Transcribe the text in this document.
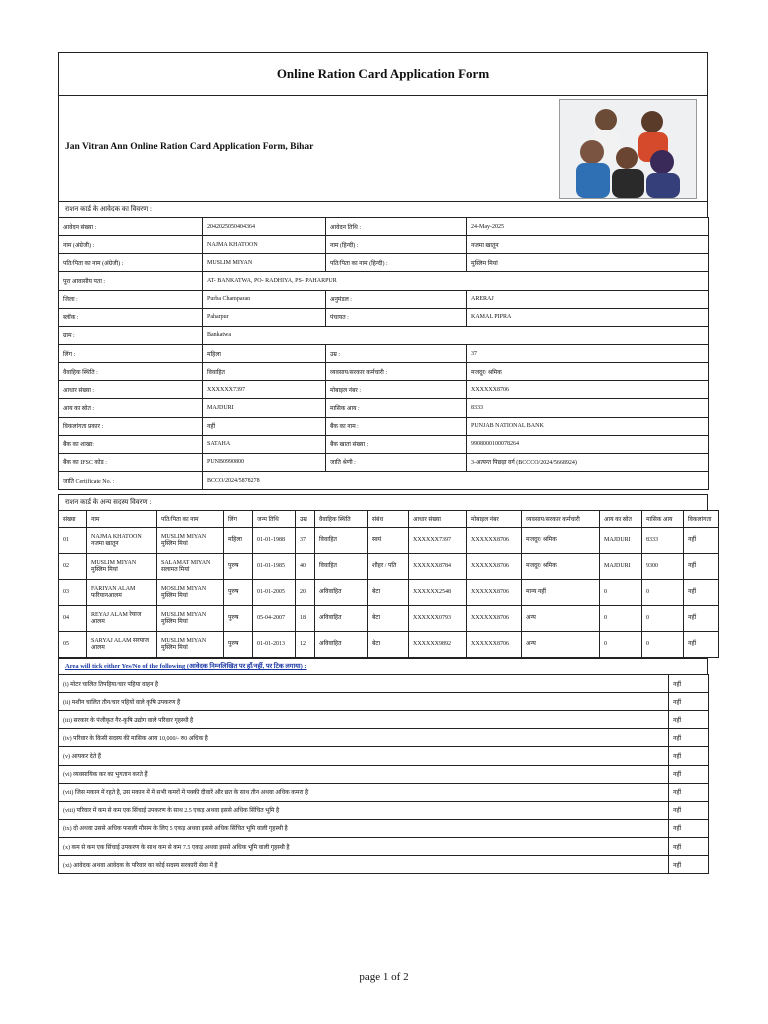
Online Ration Card Application Form
Jan Vitran Ann Online Ration Card Application Form, Bihar
राशन कार्ड के आवेदक का विवरण :
आवेदन संख्या :	2042025050404364	आवेदन तिथि :	24-May-2025
नाम (अंग्रेजी) :	NAJMA KHATOON	नाम (हिन्दी) :	नजमा खातून
पति/पिता का नाम (अंग्रेजी) :	MUSLIM MIYAN	पति/पिता का नाम (हिन्दी) :	मुस्लिम मियां
पूरा आवासीय पता :	AT- BANKATWA, PO- RADHIYA, PS- PAHARPUR		
जिला :	Purba Champaran	अनुमंडल :	ARERAJ
ब्लॉक :	Paharpur	पंचायत :	KAMAL PIPRA
ग्राम :	Bankatwa		
लिंग :	महिला	उम्र :	37
वैवाहिक स्थिति :	विवाहित	व्यवसाय/सरकार कर्मचारी :	मजदूर/ श्रमिक
आधार संख्या :	XXXXXX7397	मोबाइल नंबर :	XXXXXX8706
आय का स्रोत :	MAJDURI	मासिक आय :	8333
विकलांगता प्रकार :	नहीं	बैंक का नाम :	PUNJAB NATIONAL BANK
बैंक का शाखा:	SATAHA	बैंक खाता संख्या :	9908000100078264
बैंक का IFSC कोड :	PUNB0990800	जाति श्रेणी :	3-अत्यन्त पिछड़ा वर्ग (BCCCO/2024/5668924)
जाति Certificate No. :	BCCO/2024/5878278		
राशन कार्ड के अन्य सदस्य विवरण :
संख्या	नाम	पति/पिता का नाम	लिंग	जन्म तिथि	उम्र	वैवाहिक स्थिति	संबंध	आधार संख्या	मोबाइल नंबर	व्यवसाय/सरकार कर्मचारी	आय का स्रोत	मासिक आय	विकलांगता
01	NAJMA KHATOON नजमा खातून	MUSLIM MIYAN मुस्लिम मियां	महिला	01-01-1988	37	विवाहित	स्वयं	XXXXXX7397	XXXXXX8706	मजदूर/ श्रमिक	MAJDURI	8333	नहीं
02	MUSLIM MIYAN मुस्लिम मियां	SALAMAT MIYAN सलामत मियां	पुरुष	01-01-1985	40	विवाहित	शौहर / पति	XXXXXX8784	XXXXXX8706	मजदूर/ श्रमिक	MAJDURI	9300	नहीं
03	FARIYAN ALAM फरियानआलम	MOSLIM MIYAN मुस्लिम मियां	पुरुष	01-01-2005	20	अविवाहित	बेटा	XXXXXX2548	XXXXXX8706	मान्य नहीं	0	0	नहीं
04	REYAJ ALAM रेयाज आलम	MUSLIM MIYAN मुस्लिम मियां	पुरुष	05-04-2007	18	अविवाहित	बेटा	XXXXXX0793	XXXXXX8706	अन्य	0	0	नहीं
05	SARYAJ ALAM सरयाज आलम	MUSLIM MIYAN मुस्लिम मियां	पुरुष	01-01-2013	12	अविवाहित	बेटा	XXXXXX9892	XXXXXX8706	अन्य	0	0	नहीं
Area will tick either Yes/No of the following (आवेदक निम्नलिखित पर हाँ/नहीं, पर टिक लगाया) :
(i) मोटर चालित तिपहिया/चार पहिया वाहन है	नहीं
(ii) मशीन चालित तीन/चार पहियों वाले कृषि उपकरण हैं	नहीं
(iii) सरकार के पंजीकृत गैर-कृषि उद्योग वाले परिवार गृहस्थी है	नहीं
(iv) परिवार के किसी सदस्य की मासिक आय 10,000/- रु0 अधिक है	नहीं
(v) आयकर देते हैं	नहीं
(vi) व्यवसायिक कर का भुगतान करते हैं	नहीं
(vii) जिस मकान में रहते है, उस मकान में में सभी कमरों में पक्की दीवारें और छत के साथ तीन अथवा अधिक कमरा है	नहीं
(viii) परिवार में कम से कम एक सिंचाई उपकरण के साथ 2.5 एकड़ अथवा इससे अधिक सिंचित भूमि है	नहीं
(ix) दो अथवा उससे अधिक फसली मौसम के लिए 5 एकड़ अथवा इससे अधिक सिंचित भूमि वाली गृहस्थी है	नहीं
(x) कम से कम एक सिंचाई उपकरण के साथ कम से कम 7.5 एकड़ अथवा इससे अधिक भूमि वाली गृहस्थी है	नहीं
(xi) आवेदक अथवा आवेदक के परिवार का कोई सदस्य सरकारी सेवा में है	नहीं
page 1 of 2
